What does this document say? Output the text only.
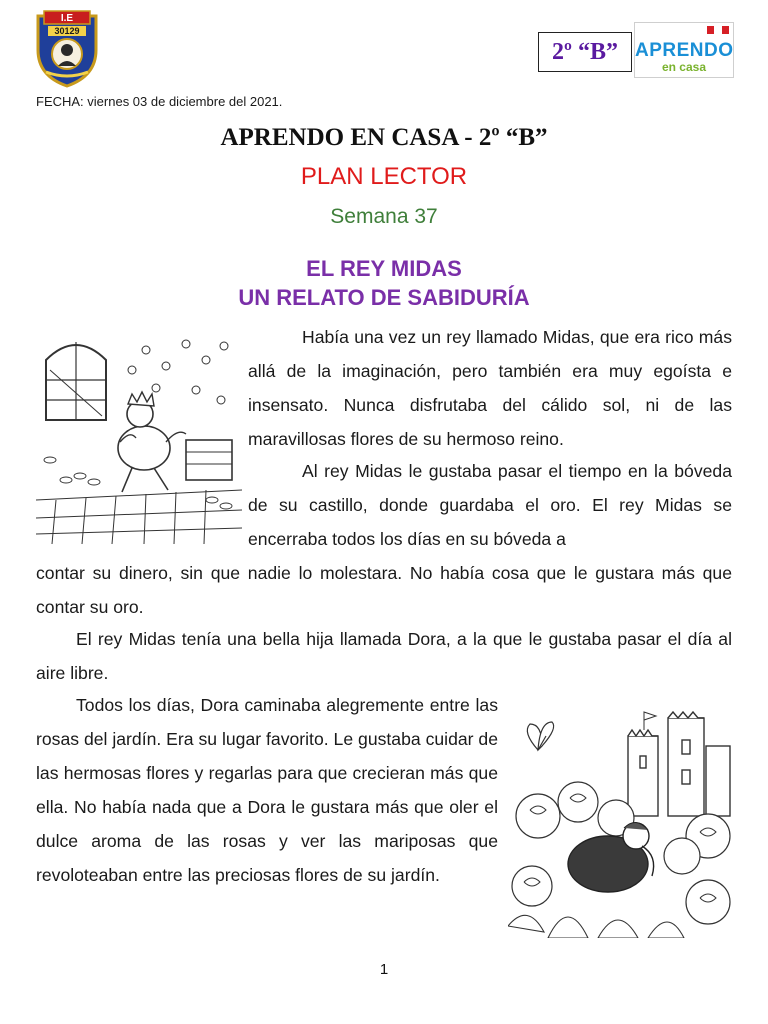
I.E
30129
2º “B” APRENDO
en casa
FECHA: viernes 03 de diciembre del 2021.
APRENDO EN CASA - 2º “B”
PLAN LECTOR
Semana 37
EL REY MIDAS
UN RELATO DE SABIDURÍA
Había una vez un rey llamado Midas, que era rico más allá de la imaginación, pero también era muy egoísta e insensato. Nunca disfrutaba del cálido sol, ni de las maravillosas flores de su hermoso reino.
Al rey Midas le gustaba pasar el tiempo en la bóveda de su castillo, donde guardaba el oro. El rey Midas se encerraba todos los días en su bóveda a
contar su dinero, sin que nadie lo molestara. No había cosa que le gustara más que contar su oro.
El rey Midas tenía una bella hija llamada Dora, a la que le gustaba pasar el día al aire libre.
Todos los días, Dora caminaba alegremente entre las rosas del jardín. Era su lugar favorito. Le gustaba cuidar de las hermosas flores y regarlas para que crecieran más que ella. No había nada que a Dora le gustara más que oler el dulce aroma de las rosas y ver las mariposas que revoloteaban entre las preciosas flores de su jardín.
1
